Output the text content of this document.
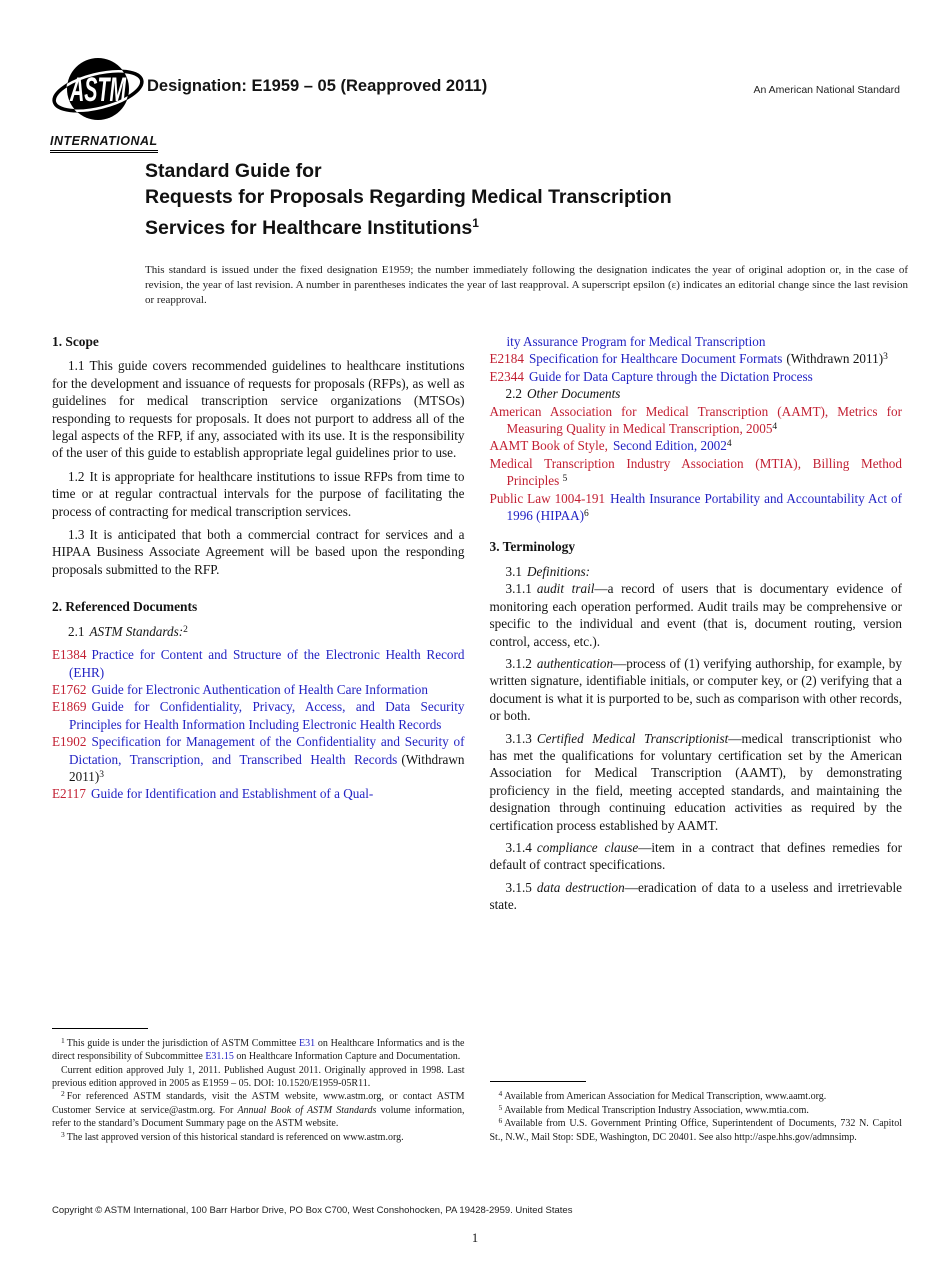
ASTM
INTERNATIONAL
Designation: E1959 – 05 (Reapproved 2011)	An American National Standard
Standard Guide for
Requests for Proposals Regarding Medical Transcription
Services for Healthcare Institutions$^1$

This standard is issued under the fixed designation E1959; the number immediately following the designation indicates the year of original adoption or, in the case of revision, the year of last revision. A number in parentheses indicates the year of last reapproval. A superscript epsilon (ε) indicates an editorial change since the last revision or reapproval.

1. Scope

1.1 This guide covers recommended guidelines to healthcare institutions for the development and issuance of requests for proposals (RFPs), as well as guidelines for medical transcription service organizations (MTSOs) responding to requests for proposals. It does not purport to address all of the legal aspects of the RFP, if any, associated with its use. It is the responsibility of the user of this guide to establish appropriate legal guidelines prior to use.

1.2 It is appropriate for healthcare institutions to issue RFPs from time to time or at regular contractual intervals for the purpose of facilitating the process of contracting for medical transcription services.

1.3 It is anticipated that both a commercial contract for services and a HIPAA Business Associate Agreement will be based upon the responding proposals submitted to the RFP.

2. Referenced Documents

2.1 ASTM Standards:$^2$

E1384 Practice for Content and Structure of the Electronic Health Record (EHR)

E1762 Guide for Electronic Authentication of Health Care Information

E1869 Guide for Confidentiality, Privacy, Access, and Data Security Principles for Health Information Including Electronic Health Records

E1902 Specification for Management of the Confidentiality and Security of Dictation, Transcription, and Transcribed Health Records (Withdrawn 2011)$^3$

E2117 Guide for Identification and Establishment of a Qual-

$^1$ This guide is under the jurisdiction of ASTM Committee E31 on Healthcare Informatics and is the direct responsibility of Subcommittee E31.15 on Healthcare Information Capture and Documentation.

Current edition approved July 1, 2011. Published August 2011. Originally approved in 1998. Last previous edition approved in 2005 as E1959 – 05. DOI: 10.1520/E1959-05R11.

$^2$ For referenced ASTM standards, visit the ASTM website, www.astm.org, or contact ASTM Customer Service at service@astm.org. For Annual Book of ASTM Standards volume information, refer to the standard’s Document Summary page on the ASTM website.

$^3$ The last approved version of this historical standard is referenced on www.astm.org.

ity Assurance Program for Medical Transcription

E2184 Specification for Healthcare Document Formats (Withdrawn 2011)$^3$

E2344 Guide for Data Capture through the Dictation Process

2.2 Other Documents

American Association for Medical Transcription (AAMT), Metrics for Measuring Quality in Medical Transcription, 2005$^4$

AAMT Book of Style, Second Edition, 2002$^4$

Medical Transcription Industry Association (MTIA), Billing Method Principles $^5$

Public Law 1004-191 Health Insurance Portability and Accountability Act of 1996 (HIPAA)$^6$

3. Terminology

3.1 Definitions:

3.1.1 audit trail—a record of users that is documentary evidence of monitoring each operation performed. Audit trails may be comprehensive or specific to the individual and event (that is, document routing, version control, access, etc.).

3.1.2 authentication—process of (1) verifying authorship, for example, by written signature, identifiable initials, or computer key, or (2) verifying that a document is what it is purported to be, such as comparison with other records, or both.

3.1.3 Certified Medical Transcriptionist—medical transcriptionist who has met the qualifications for voluntary certification set by the American Association for Medical Transcription (AAMT), by demonstrating proficiency in the field, meeting accepted standards, and maintaining the designation through continuing education activities as required by the certification process established by AAMT.

3.1.4 compliance clause—item in a contract that defines remedies for default of contract specifications.

3.1.5 data destruction—eradication of data to a useless and irretrievable state.

$^4$ Available from American Association for Medical Transcription, www.aamt.org.

$^5$ Available from Medical Transcription Industry Association, www.mtia.com.

$^6$ Available from U.S. Government Printing Office, Superintendent of Documents, 732 N. Capitol St., N.W., Mail Stop: SDE, Washington, DC 20401. See also http://aspe.hhs.gov/admnsimp.

Copyright © ASTM International, 100 Barr Harbor Drive, PO Box C700, West Conshohocken, PA 19428-2959. United States
1
